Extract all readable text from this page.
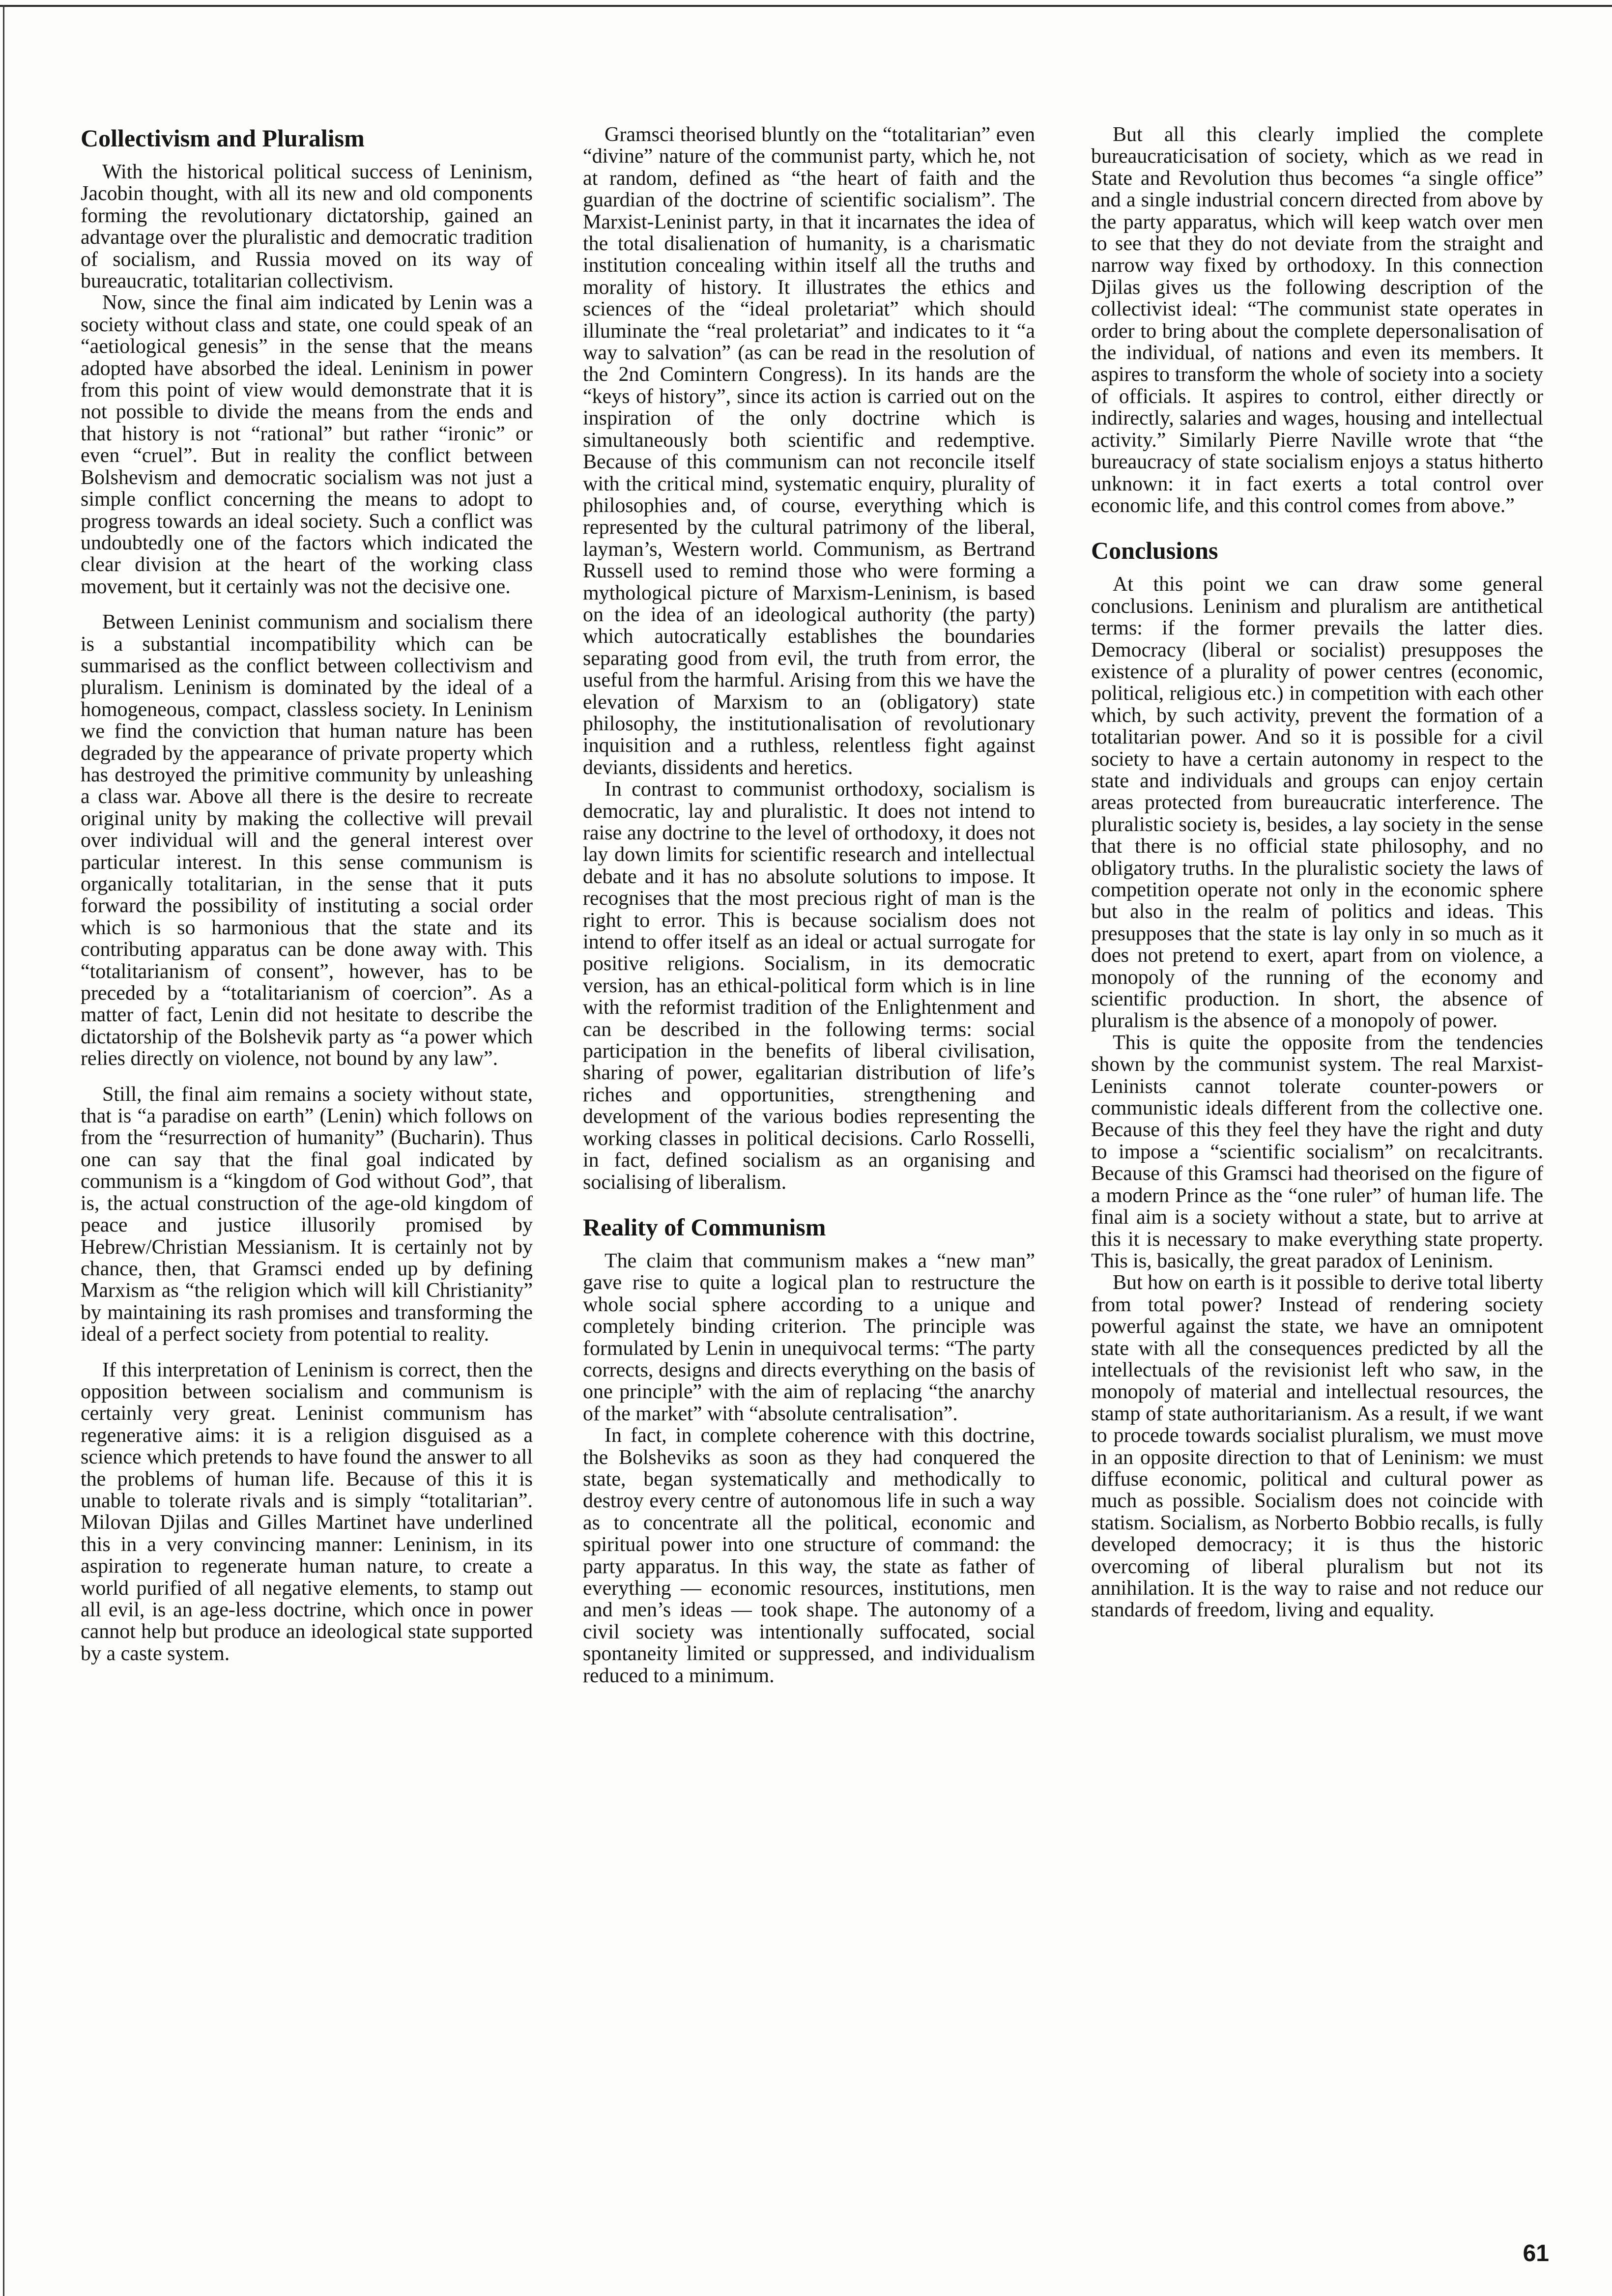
Collectivism and Pluralism

With the historical political success of Leninism, Jacobin thought, with all its new and old components forming the revolutionary dictatorship, gained an advantage over the pluralistic and democratic tradition of socialism, and Russia moved on its way of bureaucratic, totalitarian collectivism.

Now, since the final aim indicated by Lenin was a society without class and state, one could speak of an “aetiological genesis” in the sense that the means adopted have absorbed the ideal. Leninism in power from this point of view would demonstrate that it is not possible to divide the means from the ends and that history is not “rational” but rather “ironic” or even “cruel”. But in reality the conflict between Bolshevism and democratic socialism was not just a simple conflict concerning the means to adopt to progress towards an ideal society. Such a conflict was undoubtedly one of the factors which indicated the clear division at the heart of the working class movement, but it certainly was not the decisive one.

Between Leninist communism and socialism there is a substantial incompatibility which can be summarised as the conflict between collectivism and pluralism. Leninism is dominated by the ideal of a homogeneous, compact, classless society. In Leninism we find the conviction that human nature has been degraded by the appearance of private property which has destroyed the primitive community by unleashing a class war. Above all there is the desire to recreate original unity by making the collective will prevail over individual will and the general interest over particular interest. In this sense communism is organically totalitarian, in the sense that it puts forward the possibility of instituting a social order which is so harmonious that the state and its contributing apparatus can be done away with. This “totalitarianism of consent”, however, has to be preceded by a “totalitarianism of coercion”. As a matter of fact, Lenin did not hesitate to describe the dictatorship of the Bolshevik party as “a power which relies directly on violence, not bound by any law”.

Still, the final aim remains a society without state, that is “a paradise on earth” (Lenin) which follows on from the “resurrection of humanity” (Bucharin). Thus one can say that the final goal indicated by communism is a “kingdom of God without God”, that is, the actual construction of the age-old kingdom of peace and justice illusorily promised by Hebrew/Christian Messianism. It is certainly not by chance, then, that Gramsci ended up by defining Marxism as “the religion which will kill Christianity” by maintaining its rash promises and transforming the ideal of a perfect society from potential to reality.

If this interpretation of Leninism is correct, then the opposition between socialism and communism is certainly very great. Leninist communism has regenerative aims: it is a religion disguised as a science which pretends to have found the answer to all the problems of human life. Because of this it is unable to tolerate rivals and is simply “totalitarian”. Milovan Djilas and Gilles Martinet have underlined this in a very convincing manner: Leninism, in its aspiration to regenerate human nature, to create a world purified of all negative elements, to stamp out all evil, is an age-less doctrine, which once in power cannot help but produce an ideological state supported by a caste system.

Gramsci theorised bluntly on the “totalitarian” even “divine” nature of the communist party, which he, not at random, defined as “the heart of faith and the guardian of the doctrine of scientific socialism”. The Marxist-Leninist party, in that it incarnates the idea of the total disalienation of humanity, is a charismatic institution concealing within itself all the truths and morality of history. It illustrates the ethics and sciences of the “ideal proletariat” which should illuminate the “real proletariat” and indicates to it “a way to salvation” (as can be read in the resolution of the 2nd Comintern Congress). In its hands are the “keys of history”, since its action is carried out on the inspiration of the only doctrine which is simultaneously both scientific and redemptive. Because of this communism can not reconcile itself with the critical mind, systematic enquiry, plurality of philosophies and, of course, everything which is represented by the cultural patrimony of the liberal, layman’s, Western world. Communism, as Bertrand Russell used to remind those who were forming a mythological picture of Marxism-Leninism, is based on the idea of an ideological authority (the party) which autocratically establishes the boundaries separating good from evil, the truth from error, the useful from the harmful. Arising from this we have the elevation of Marxism to an (obligatory) state philosophy, the institutionalisation of revolutionary inquisition and a ruthless, relentless fight against deviants, dissidents and heretics.

In contrast to communist orthodoxy, socialism is democratic, lay and pluralistic. It does not intend to raise any doctrine to the level of orthodoxy, it does not lay down limits for scientific research and intellectual debate and it has no absolute solutions to impose. It recognises that the most precious right of man is the right to error. This is because socialism does not intend to offer itself as an ideal or actual surrogate for positive religions. Socialism, in its democratic version, has an ethical-political form which is in line with the reformist tradition of the Enlightenment and can be described in the following terms: social participation in the benefits of liberal civilisation, sharing of power, egalitarian distribution of life’s riches and opportunities, strengthening and development of the various bodies representing the working classes in political decisions. Carlo Rosselli, in fact, defined socialism as an organising and socialising of liberalism.

Reality of Communism

The claim that communism makes a “new man” gave rise to quite a logical plan to restructure the whole social sphere according to a unique and completely binding criterion. The principle was formulated by Lenin in unequivocal terms: “The party corrects, designs and directs everything on the basis of one principle” with the aim of replacing “the anarchy of the market” with “absolute centralisation”.

In fact, in complete coherence with this doctrine, the Bolsheviks as soon as they had conquered the state, began systematically and methodically to destroy every centre of autonomous life in such a way as to concentrate all the political, economic and spiritual power into one structure of command: the party apparatus. In this way, the state as father of everything — economic resources, institutions, men and men’s ideas — took shape. The autonomy of a civil society was intentionally suffocated, social spontaneity limited or suppressed, and individualism reduced to a minimum.

But all this clearly implied the complete bureaucraticisation of society, which as we read in State and Revolution thus becomes “a single office” and a single industrial concern directed from above by the party apparatus, which will keep watch over men to see that they do not deviate from the straight and narrow way fixed by orthodoxy. In this connection Djilas gives us the following description of the collectivist ideal: “The communist state operates in order to bring about the complete depersonalisation of the individual, of nations and even its members. It aspires to transform the whole of society into a society of officials. It aspires to control, either directly or indirectly, salaries and wages, housing and intellectual activity.” Similarly Pierre Naville wrote that “the bureaucracy of state socialism enjoys a status hitherto unknown: it in fact exerts a total control over economic life, and this control comes from above.”

Conclusions

At this point we can draw some general conclusions. Leninism and pluralism are antithetical terms: if the former prevails the latter dies. Democracy (liberal or socialist) presupposes the existence of a plurality of power centres (economic, political, religious etc.) in competition with each other which, by such activity, prevent the formation of a totalitarian power. And so it is possible for a civil society to have a certain autonomy in respect to the state and individuals and groups can enjoy certain areas protected from bureaucratic interference. The pluralistic society is, besides, a lay society in the sense that there is no official state philosophy, and no obligatory truths. In the pluralistic society the laws of competition operate not only in the economic sphere but also in the realm of politics and ideas. This presupposes that the state is lay only in so much as it does not pretend to exert, apart from on violence, a monopoly of the running of the economy and scientific production. In short, the absence of pluralism is the absence of a monopoly of power.

This is quite the opposite from the tendencies shown by the communist system. The real Marxist-Leninists cannot tolerate counter-powers or communistic ideals different from the collective one. Because of this they feel they have the right and duty to impose a “scientific socialism” on recalcitrants. Because of this Gramsci had theorised on the figure of a modern Prince as the “one ruler” of human life. The final aim is a society without a state, but to arrive at this it is necessary to make everything state property. This is, basically, the great paradox of Leninism.

But how on earth is it possible to derive total liberty from total power? Instead of rendering society powerful against the state, we have an omnipotent state with all the consequences predicted by all the intellectuals of the revisionist left who saw, in the monopoly of material and intellectual resources, the stamp of state authoritarianism. As a result, if we want to procede towards socialist pluralism, we must move in an opposite direction to that of Leninism: we must diffuse economic, political and cultural power as much as possible. Socialism does not coincide with statism. Socialism, as Norberto Bobbio recalls, is fully developed democracy; it is thus the historic overcoming of liberal pluralism but not its annihilation. It is the way to raise and not reduce our standards of freedom, living and equality.

61
